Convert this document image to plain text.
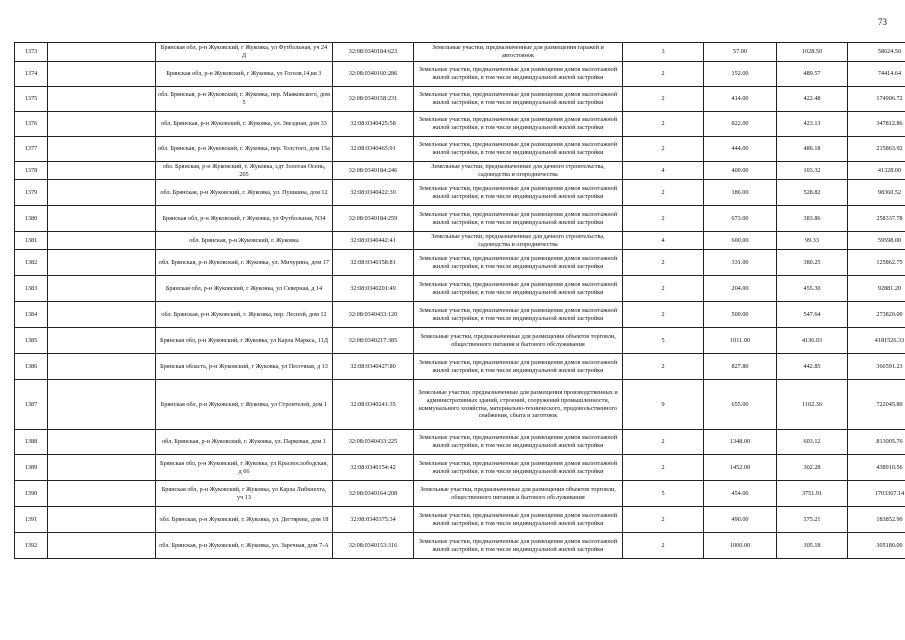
73
1373		Брянская обл, р-н Жуковский, г Жуковка, ул Футбольная, уч 24 Д	32:08:0340184:623	Земельные участки, предназначенные для размещения гаражей и автостоянок	3	57.00	1028.50	58624.50
1374		Брянская обл, р-н Жуковский, г Жуковка, ул Гоголя,14,кв 3	32:08:0340160:286	Земельные участки, предназначенные для размещения домов малоэтажной жилой застройки, в том числе индивидуальной жилой застройки	2	152.00	489.57	74414.64
1375		обл. Брянская, р-н Жуковский, г. Жуковка, пер. Маяковского, дом 5	32:08:0340158:231	Земельные участки, предназначенные для размещения домов малоэтажной жилой застройки, в том числе индивидуальной жилой застройки	2	414.00	422.48	174906.72
1376		обл. Брянская, р-н Жуковский, г. Жуковка, ул. Звездная, дом 33	32:08:0340425:58	Земельные участки, предназначенные для размещения домов малоэтажной жилой застройки, в том числе индивидуальной жилой застройки	2	822.00	423.13	347812.86
1377		обл. Брянская, р-н Жуковский, г. Жуковка, пер. Толстого, дом 15а	32:08:0340465:91	Земельные участки, предназначенные для размещения домов малоэтажной жилой застройки, в том числе индивидуальной жилой застройки	2	444.00	486.18	215863.92
1378		обл. Брянская, р-н Жуковский, г. Жуковка, сдт Золотая Осень, 205	32:08:0340184:246	Земельные участки, предназначенные для дачного строительства, садоводства и огородничества	4	400.00	103.32	41328.00
1379		обл. Брянская, р-н Жуковский, г. Жуковка, ул. Пушкина, дом 12	32:08:0340422:30	Земельные участки, предназначенные для размещения домов малоэтажной жилой застройки, в том числе индивидуальной жилой застройки	2	186.00	528.82	98360.52
1380		Брянская обл, р-н Жуковский, г Жуковка, ул Футбольная, N34	32:08:0340184:259	Земельные участки, предназначенные для размещения домов малоэтажной жилой застройки, в том числе индивидуальной жилой застройки	2	673.00	383.86	258337.78
1381		обл. Брянская, р-н Жуковский, г. Жуковка	32:08:0340442:41	Земельные участки, предназначенные для дачного строительства, садоводства и огородничества	4	600.00	99.33	59598.00
1382		обл. Брянская, р-н Жуковский, г. Жуковка, ул. Мичурина, дом 17	32:08:0340158:81	Земельные участки, предназначенные для размещения домов малоэтажной жилой застройки, в том числе индивидуальной жилой застройки	2	331.00	380.25	125862.75
1383		Брянская обл, р-н Жуковский, г Жуковка, ул Северная, д 14	32:08:0340201:49	Земельные участки, предназначенные для размещения домов малоэтажной жилой застройки, в том числе индивидуальной жилой застройки	2	204.00	455.30	92881.20
1384		обл. Брянская, р-н Жуковский, г. Жуковка, пер. Лесной, дом 12	32:08:0340433:120	Земельные участки, предназначенные для размещения домов малоэтажной жилой застройки, в том числе индивидуальной жилой застройки	2	500.00	547.64	273820.00
1385		Брянская обл, р-н Жуковский, г Жуковка, ул Карла Маркса, 11Д	32:08:0340217:385	Земельные участки, предназначенные для размещения объектов торговли, общественного питания и бытового обслуживания	5	1011.00	4136.03	4181526.33
1386		Брянская область, р-н Жуковский, г Жуковка, ул Песочная, д 13	32:08:0340427:80	Земельные участки, предназначенные для размещения домов малоэтажной жилой застройки, в том числе индивидуальной жилой застройки	2	827.80	442.85	366591.23
1387		Брянская обл, р-н Жуковский, г Жуковка, ул Строителей, дом 1	32:08:0340241:35	Земельные участки, предназначенные для размещения производственных и административных зданий, строений, сооружений промышленности, коммунального хозяйства, материально-технического, продовольственного снабжения, сбыта и заготовок	9	655.00	1102.36	722045.80
1388		обл. Брянская, р-н Жуковский, г. Жуковка, ул. Парковая, дом 1	32:08:0340433:225	Земельные участки, предназначенные для размещения домов малоэтажной жилой застройки, в том числе индивидуальной жилой застройки	2	1348.00	603.12	813005.76
1389		Брянская обл, р-н Жуковский, г Жуковка, ул Краснослободская, д 66	32:08:0340154:42	Земельные участки, предназначенные для размещения домов малоэтажной жилой застройки, в том числе индивидуальной жилой застройки	2	1452.00	302.28	438910.56
1390		Брянская обл, р-н Жуковский, г Жуковка, ул Карла Либкнехта, уч 13	32:08:0340164:208	Земельные участки, предназначенные для размещения объектов торговли, общественного питания и бытового обслуживания	5	454.00	3751.91	1703367.14
1391		обл. Брянская, р-н Жуковский, г. Жуковка, ул. Дегтярева, дом 18	32:08:0340375:34	Земельные участки, предназначенные для размещения домов малоэтажной жилой застройки, в том числе индивидуальной жилой застройки	2	490.00	375.21	183852.90
1392		обл. Брянская, р-н Жуковский, г. Жуковка, ул. Заречная, дом 7-А	32:08:0340153:316	Земельные участки, предназначенные для размещения домов малоэтажной жилой застройки, в том числе индивидуальной жилой застройки	2	1000.00	305.18	305180.00
